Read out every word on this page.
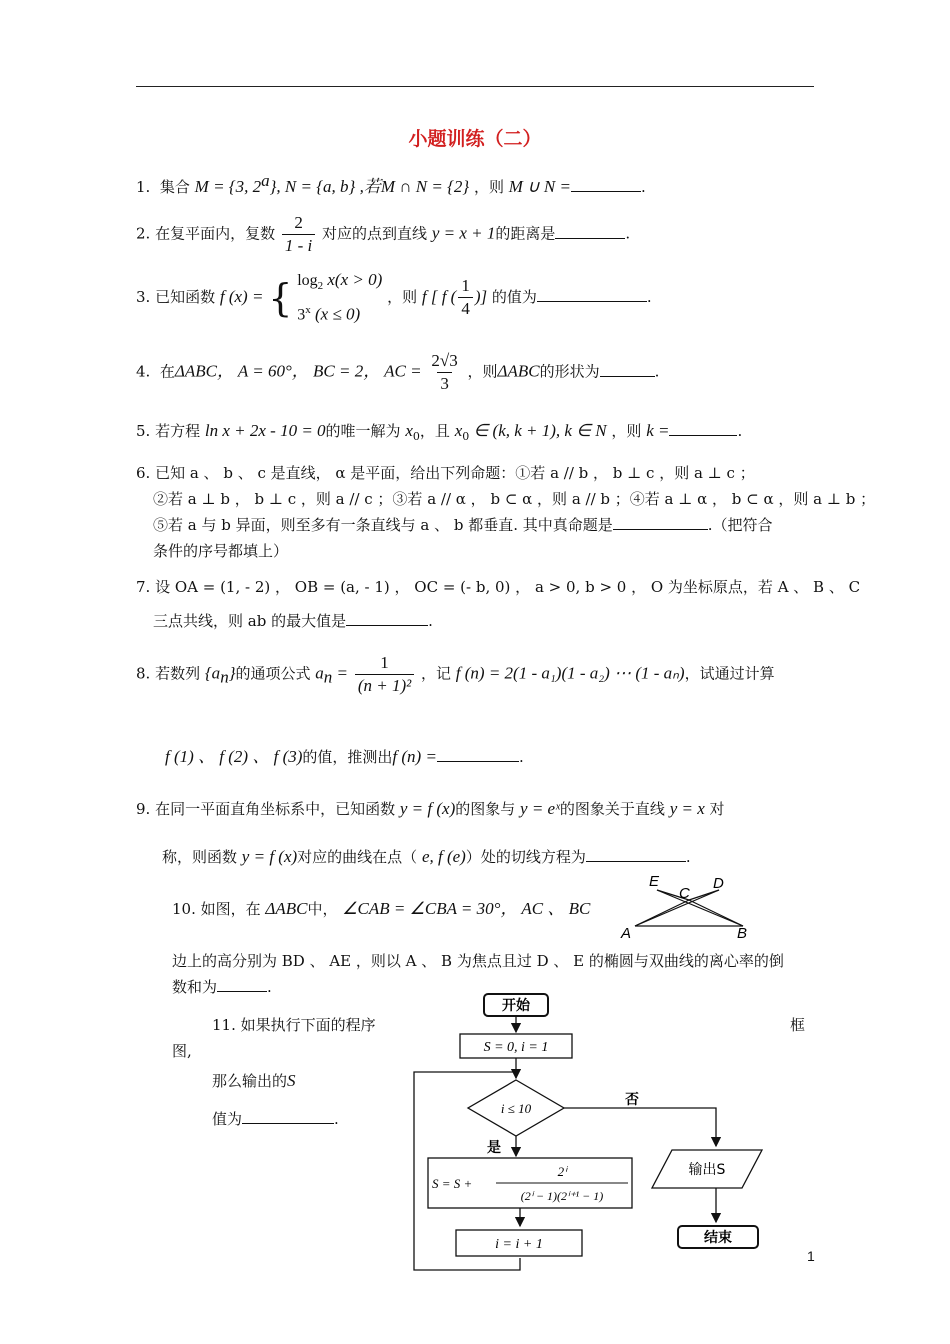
小题训练（二）
1. 集合 M = {3, 2$^a$}, N = {a, b} ,若M ∩ N = {2} ，则 M ∪ N =	.
2. 在复平面内，复数 $\frac{2}{1 - i}$ 对应的点到直线 y = x + 1的距离是	.
3. 已知函数 f (x) = { $\log_2 x(x > 0)$
3$^x$ (x ≤ 0)
，则 f [ f ( $\frac{1}{4}$ )] 的值为	.
4. 在ΔABC， A = 60°， BC = 2， AC = $\frac{2√3}{3}$ ，则ΔABC的形状为	.
5. 若方程 ln x + 2x - 10 = 0的唯一解为 $x_0$，且 $x_0$ ∈ (k, k + 1), k ∈ N ，则 k =	.
6. 已知 a 、 b 、 c 是直线， α 是平面，给出下列命题：①若 a // b ， b ⊥ c ，则 a ⊥ c ；
②若 a ⊥ b ， b ⊥ c ，则 a // c ；③若 a // α ， b ⊂ α ，则 a // b ；④若 a ⊥ α ， b ⊂ α ，则 a ⊥ b ；
⑤若 a 与 b 异面，则至多有一条直线与 a 、 b 都垂直. 其中真命题是	.（把符合
条件的序号都填上）
7. 设 OA = (1, - 2) ， OB = (a, - 1) ， OC = (- b, 0) ， a > 0, b > 0 ， O 为坐标原点，若 A 、 B 、 C
三点共线，则 ab 的最大值是	.
8. 若数列 $\{a_n\}$的通项公式 $a_n = \frac{1}{\text{(n + 1)²}}$ ，记 f (n) = 2(1 - a₁)(1 - a₂) ⋯ (1 - aₙ)，试通过计算
f (1) 、 f (2) 、 f (3)的值，推测出f (n) =	.
9. 在同一平面直角坐标系中，已知函数 y = f (x)的图象与 y = eˣ的图象关于直线 y = x 对
称，则函数 y = f (x)对应的曲线在点（ e, f (e)）处的切线方程为	.
10. 如图，在 ΔABC中， ∠CAB = ∠CBA = 30°， AC 、 BC
E
C
D
A	B
边上的高分别为 BD 、 AE ，则以 A 、 B 为焦点且过 D 、 E 的椭圆与双曲线的离心率的倒
数和为	.
11. 如果执行下面的程序	框
图,
那么输出的S
值为	.
开始
S = 0, i = 1
i ≤ 10
否
输出S
结束
是
S = S +
2ⁱ
(2ⁱ − 1)(2ⁱ⁺¹ − 1)
i = i + 1
1
